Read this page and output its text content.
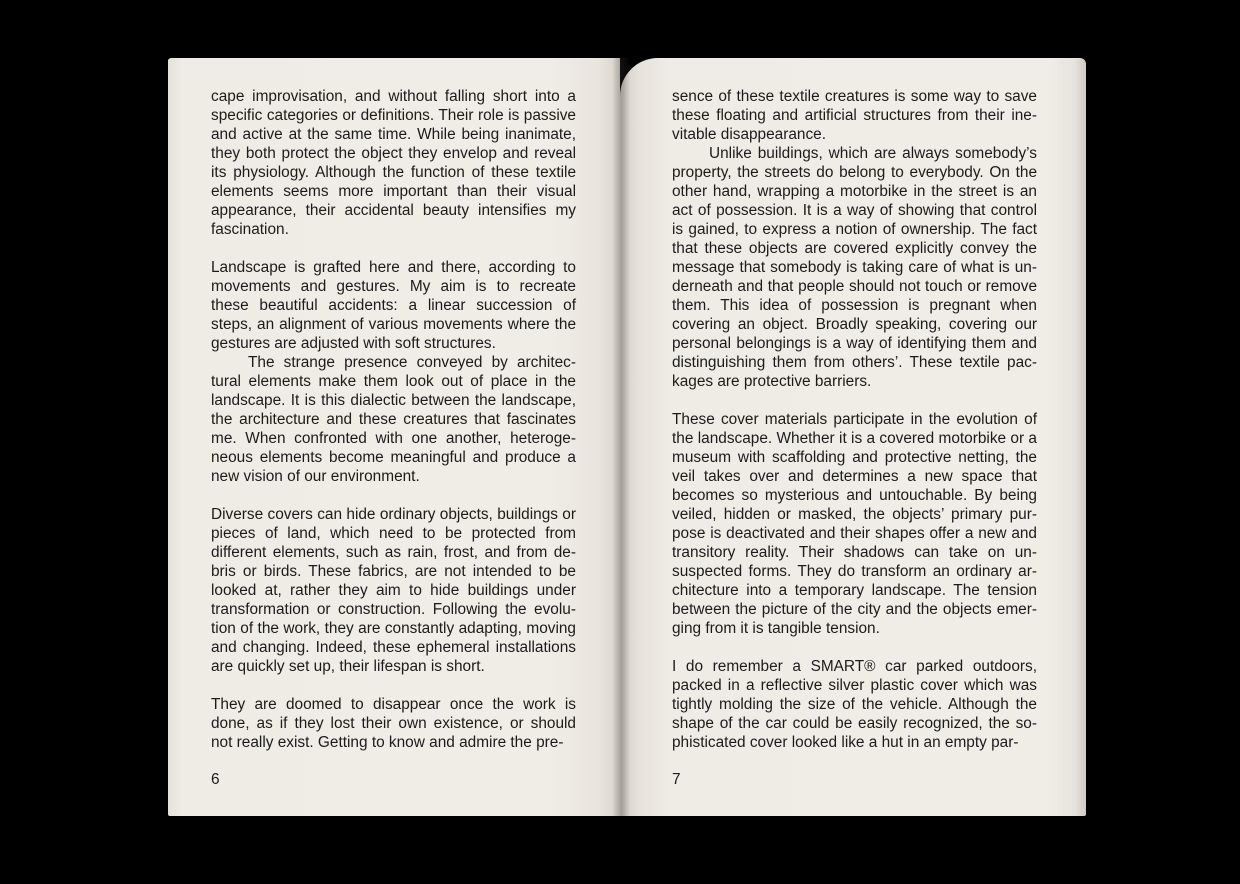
cape improvisation, and without falling short into a specific categories or definitions. Their role is passive and active at the same time. While being inanimate, they both protect the object they envelop and reveal its physiology. Although the function of these textile elements seems more important than their visual appearance, their accidental beauty intensifies my fascination.

Landscape is grafted here and there, according to movements and gestures. My aim is to recreate these beautiful accidents: a linear succession of steps, an alignment of various movements where the gestures are adjusted with soft structures.

The strange presence conveyed by architectural elements make them look out of place in the landscape. It is this dialectic between the landscape, the architecture and these creatures that fascinates me. When confronted with one another, heterogeneous elements become meaningful and produce a new vision of our environment.

Diverse covers can hide ordinary objects, buildings or pieces of land, which need to be protected from different elements, such as rain, frost, and from debris or birds. These fabrics, are not intended to be looked at, rather they aim to hide buildings under transformation or construction. Following the evolution of the work, they are constantly adapting, moving and changing. Indeed, these ephemeral installations are quickly set up, their lifespan is short.

They are doomed to disappear once the work is done, as if they lost their own existence, or should not really exist. Getting to know and admire the pre-

sence of these textile creatures is some way to save these floating and artificial structures from their inevitable disappearance.

Unlike buildings, which are always somebody’s property, the streets do belong to everybody. On the other hand, wrapping a motorbike in the street is an act of possession. It is a way of showing that control is gained, to express a notion of ownership. The fact that these objects are covered explicitly convey the message that somebody is taking care of what is underneath and that people should not touch or remove them. This idea of possession is pregnant when covering an object. Broadly speaking, covering our personal belongings is a way of identifying them and distinguishing them from others’. These textile packages are protective barriers.

These cover materials participate in the evolution of the landscape. Whether it is a covered motorbike or a museum with scaffolding and protective netting, the veil takes over and determines a new space that becomes so mysterious and untouchable. By being veiled, hidden or masked, the objects’ primary purpose is deactivated and their shapes offer a new and transitory reality. Their shadows can take on unsuspected forms. They do transform an ordinary architecture into a temporary landscape. The tension between the picture of the city and the objects emerging from it is tangible tension.

I do remember a SMART® car parked outdoors, packed in a reflective silver plastic cover which was tightly molding the size of the vehicle. Although the shape of the car could be easily recognized, the sophisticated cover looked like a hut in an empty par-

6	7
